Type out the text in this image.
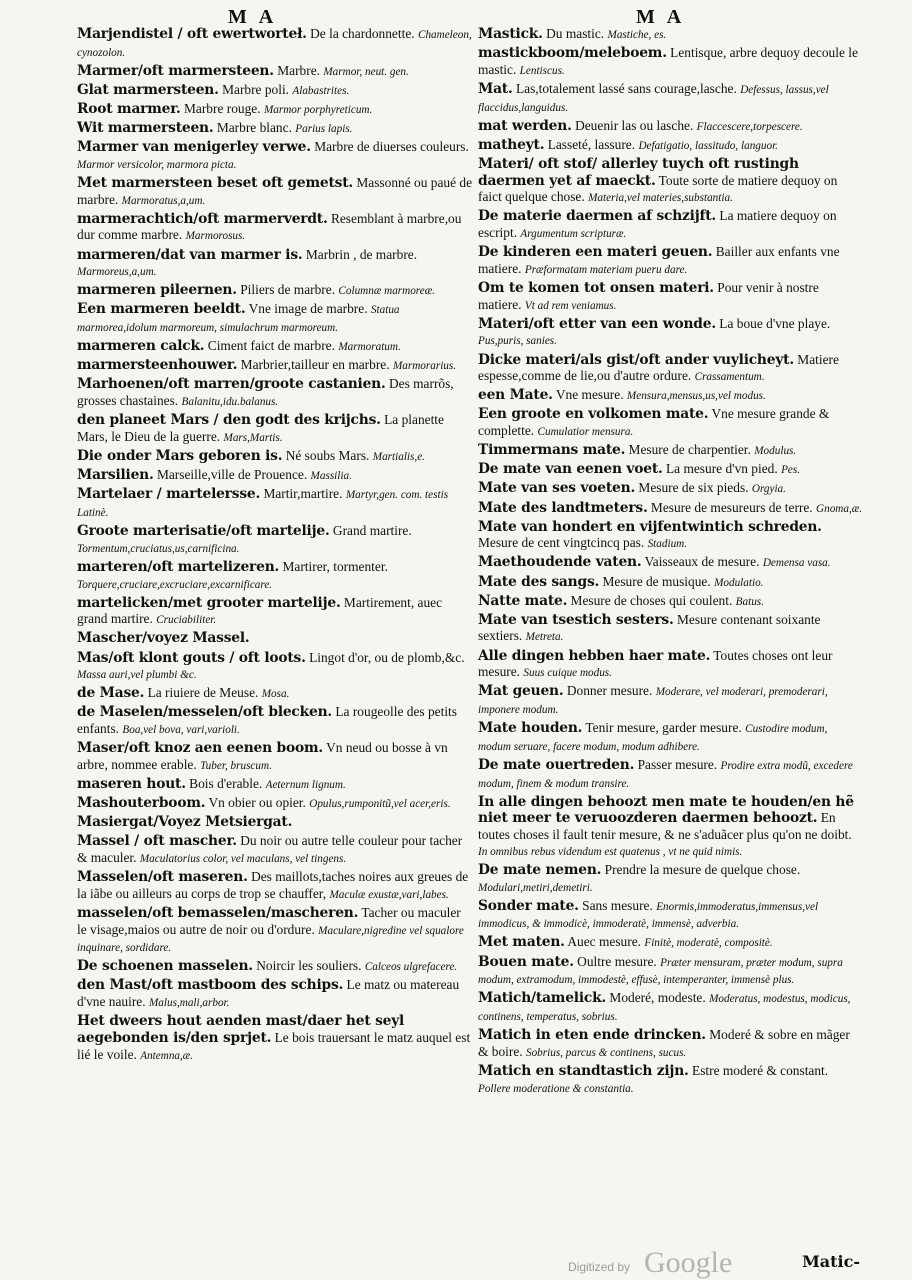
M A	M A
Marjendistel / oft ewertworteł. De la chardonnette. Chameleon, cynozolon.
Marmer/oft marmersteen. Marbre. Marmor, neut. gen.
Glat marmersteen. Marbre poli. Alabastrites.
Root marmer. Marbre rouge. Marmor porphyreticum.
Wit marmersteen. Marbre blanc. Parius lapis.
Marmer van menigerley verwe. Marbre de diuerses couleurs. Marmor versicolor, marmora picta.
Met marmersteen beset oft gemetst. Massonné ou paué de marbre. Marmoratus,a,um.
marmerachtich/oft marmerverdt. Resemblant à marbre,ou dur comme marbre. Marmorosus.
marmeren/dat van marmer is. Marbrin , de marbre. Marmoreus,a,um.
marmeren pileernen. Piliers de marbre. Columnæ marmoreæ.
Een marmeren beeldt. Vne image de marbre. Statua marmorea,idolum marmoreum, simulachrum marmoreum.
marmeren calck. Ciment faict de marbre. Marmoratum.
marmersteenhouwer. Marbrier,tailleur en marbre. Marmorarius.
Marhoenen/oft marren/groote castanien. Des marrõs, grosses chastaines. Balanitu,idu.balanus.
den planeet Mars / den godt des krijchs. La planette Mars, le Dieu de la guerre. Mars,Martis.
Die onder Mars geboren is. Né soubs Mars. Martialis,e.
Marsilien. Marseille,ville de Prouence. Massilia.
Martelaer / martelersse. Martir,martire. Martyr,gen. com. testis Latinè.
Groote marterisatie/oft martelije. Grand martire. Tormentum,cruciatus,us,carnificina.
marteren/oft martelizeren. Martirer, tormenter. Torquere,cruciare,excruciare,excarnificare.
martelicken/met grooter martelije. Martirement, auec grand martire. Cruciabiliter.
Mascher/voyez Massel.
Mas/oft klont gouts / oft loots. Lingot d'or, ou de plomb,&c. Massa auri,vel plumbi &c.
de Mase. La riuiere de Meuse. Mosa.
de Maselen/messelen/oft blecken. La rougeolle des petits enfants. Boa,vel bova, vari,varioli.
Maser/oft knoz aen eenen boom. Vn neud ou bosse à vn arbre, nommee erable. Tuber, bruscum.
maseren hout. Bois d'erable. Aeternum lignum.
Mashouterboom. Vn obier ou opier. Opulus,rumponitũ,vel acer,eris.
Masiergat/Voyez Metsiergat.
Massel / oft mascher. Du noir ou autre telle couleur pour tacher & maculer. Maculatorius color, vel maculans, vel tingens.
Masselen/oft maseren. Des maillots,taches noires aux greues de la iãbe ou ailleurs au corps de trop se chauffer, Maculæ exustæ,vari,labes.
masselen/oft bemasselen/mascheren. Tacher ou maculer le visage,maios ou autre de noir ou d'ordure. Maculare,nigredine vel squalore inquinare, sordidare.
De schoenen masselen. Noircir les souliers. Calceos ulgrefacere.
den Mast/oft mastboom des schips. Le matz ou matereau d'vne nauire. Malus,mali,arbor.
Het dweers hout aenden mast/daer het seyl aegebonden is/den sprjet. Le bois trauersant le matz auquel est lié le voile. Antemna,æ.
Mastick. Du mastic. Mastiche, es.
mastickboom/meleboem. Lentisque, arbre dequoy decoule le mastic. Lentiscus.
Mat. Las,totalement lassé sans courage,lasche. Defessus, lassus,vel flaccidus,languidus.
mat werden. Deuenir las ou lasche. Flaccescere,torpescere.
matheyt. Lasseté, lassure. Defatigatio, lassitudo, languor.
Materi/ oft stof/ allerley tuych oft rustingh daermen yet af maeckt. Toute sorte de matiere dequoy on faict quelque chose. Materia,vel materies,substantia.
De materie daermen af schzijft. La matiere dequoy on escript. Argumentum scripturæ.
De kinderen een materi geuen. Bailler aux enfants vne matiere. Præformatam materiam pueru dare.
Om te komen tot onsen materi. Pour venir à nostre matiere. Vt ad rem veniamus.
Materi/oft etter van een wonde. La boue d'vne playe. Pus,puris, sanies.
Dicke materi/als gist/oft ander vuylicheyt. Matiere espesse,comme de lie,ou d'autre ordure. Crassamentum.
een Mate. Vne mesure. Mensura,mensus,us,vel modus.
Een groote en volkomen mate. Vne mesure grande & complette. Cumulatior mensura.
Timmermans mate. Mesure de charpentier. Modulus.
De mate van eenen voet. La mesure d'vn pied. Pes.
Mate van ses voeten. Mesure de six pieds. Orgyia.
Mate des landtmeters. Mesure de mesureurs de terre. Gnoma,æ.
Mate van hondert en vijfentwintich schreden. Mesure de cent vingtcincq pas. Stadium.
Maethoudende vaten. Vaisseaux de mesure. Demensa vasa.
Mate des sangs. Mesure de musique. Modulatio.
Natte mate. Mesure de choses qui coulent. Batus.
Mate van tsestich sesters. Mesure contenant soixante sextiers. Metreta.
Alle dingen hebben haer mate. Toutes choses ont leur mesure. Suus cuique modus.
Mat geuen. Donner mesure. Moderare, vel moderari, premoderari, imponere modum.
Mate houden. Tenir mesure, garder mesure. Custodire modum, modum seruare, facere modum, modum adhibere.
De mate ouertreden. Passer mesure. Prodire extra modũ, excedere modum, finem & modum transire.
In alle dingen behoozt men mate te houden/en hẽ niet meer te veruoozderen daermen behoozt. En toutes choses il fault tenir mesure, & ne s'aduãcer plus qu'on ne doibt. In omnibus rebus videndum est quatenus , vt ne quid nimis.
De mate nemen. Prendre la mesure de quelque chose. Modulari,metiri,demetiri.
Sonder mate. Sans mesure. Enormis,immoderatus,immensus,vel immodicus, & immodicè, immoderatè, immensè, adverbia.
Met maten. Auec mesure. Finitè, moderatè, compositè.
Bouen mate. Oultre mesure. Præter mensuram, præter modum, supra modum, extramodum, immodestè, effusè, intemperanter, immensè plus.
Matich/tamelick. Moderé, modeste. Moderatus, modestus, modicus, continens, temperatus, sobrius.
Matich in eten ende drincken. Moderé & sobre en mãger & boire. Sobrius, parcus & continens, sucus.
Matich en standtastich zijn. Estre moderé & constant. Pollere moderatione & constantia.
Matic-
Digitized by Google
